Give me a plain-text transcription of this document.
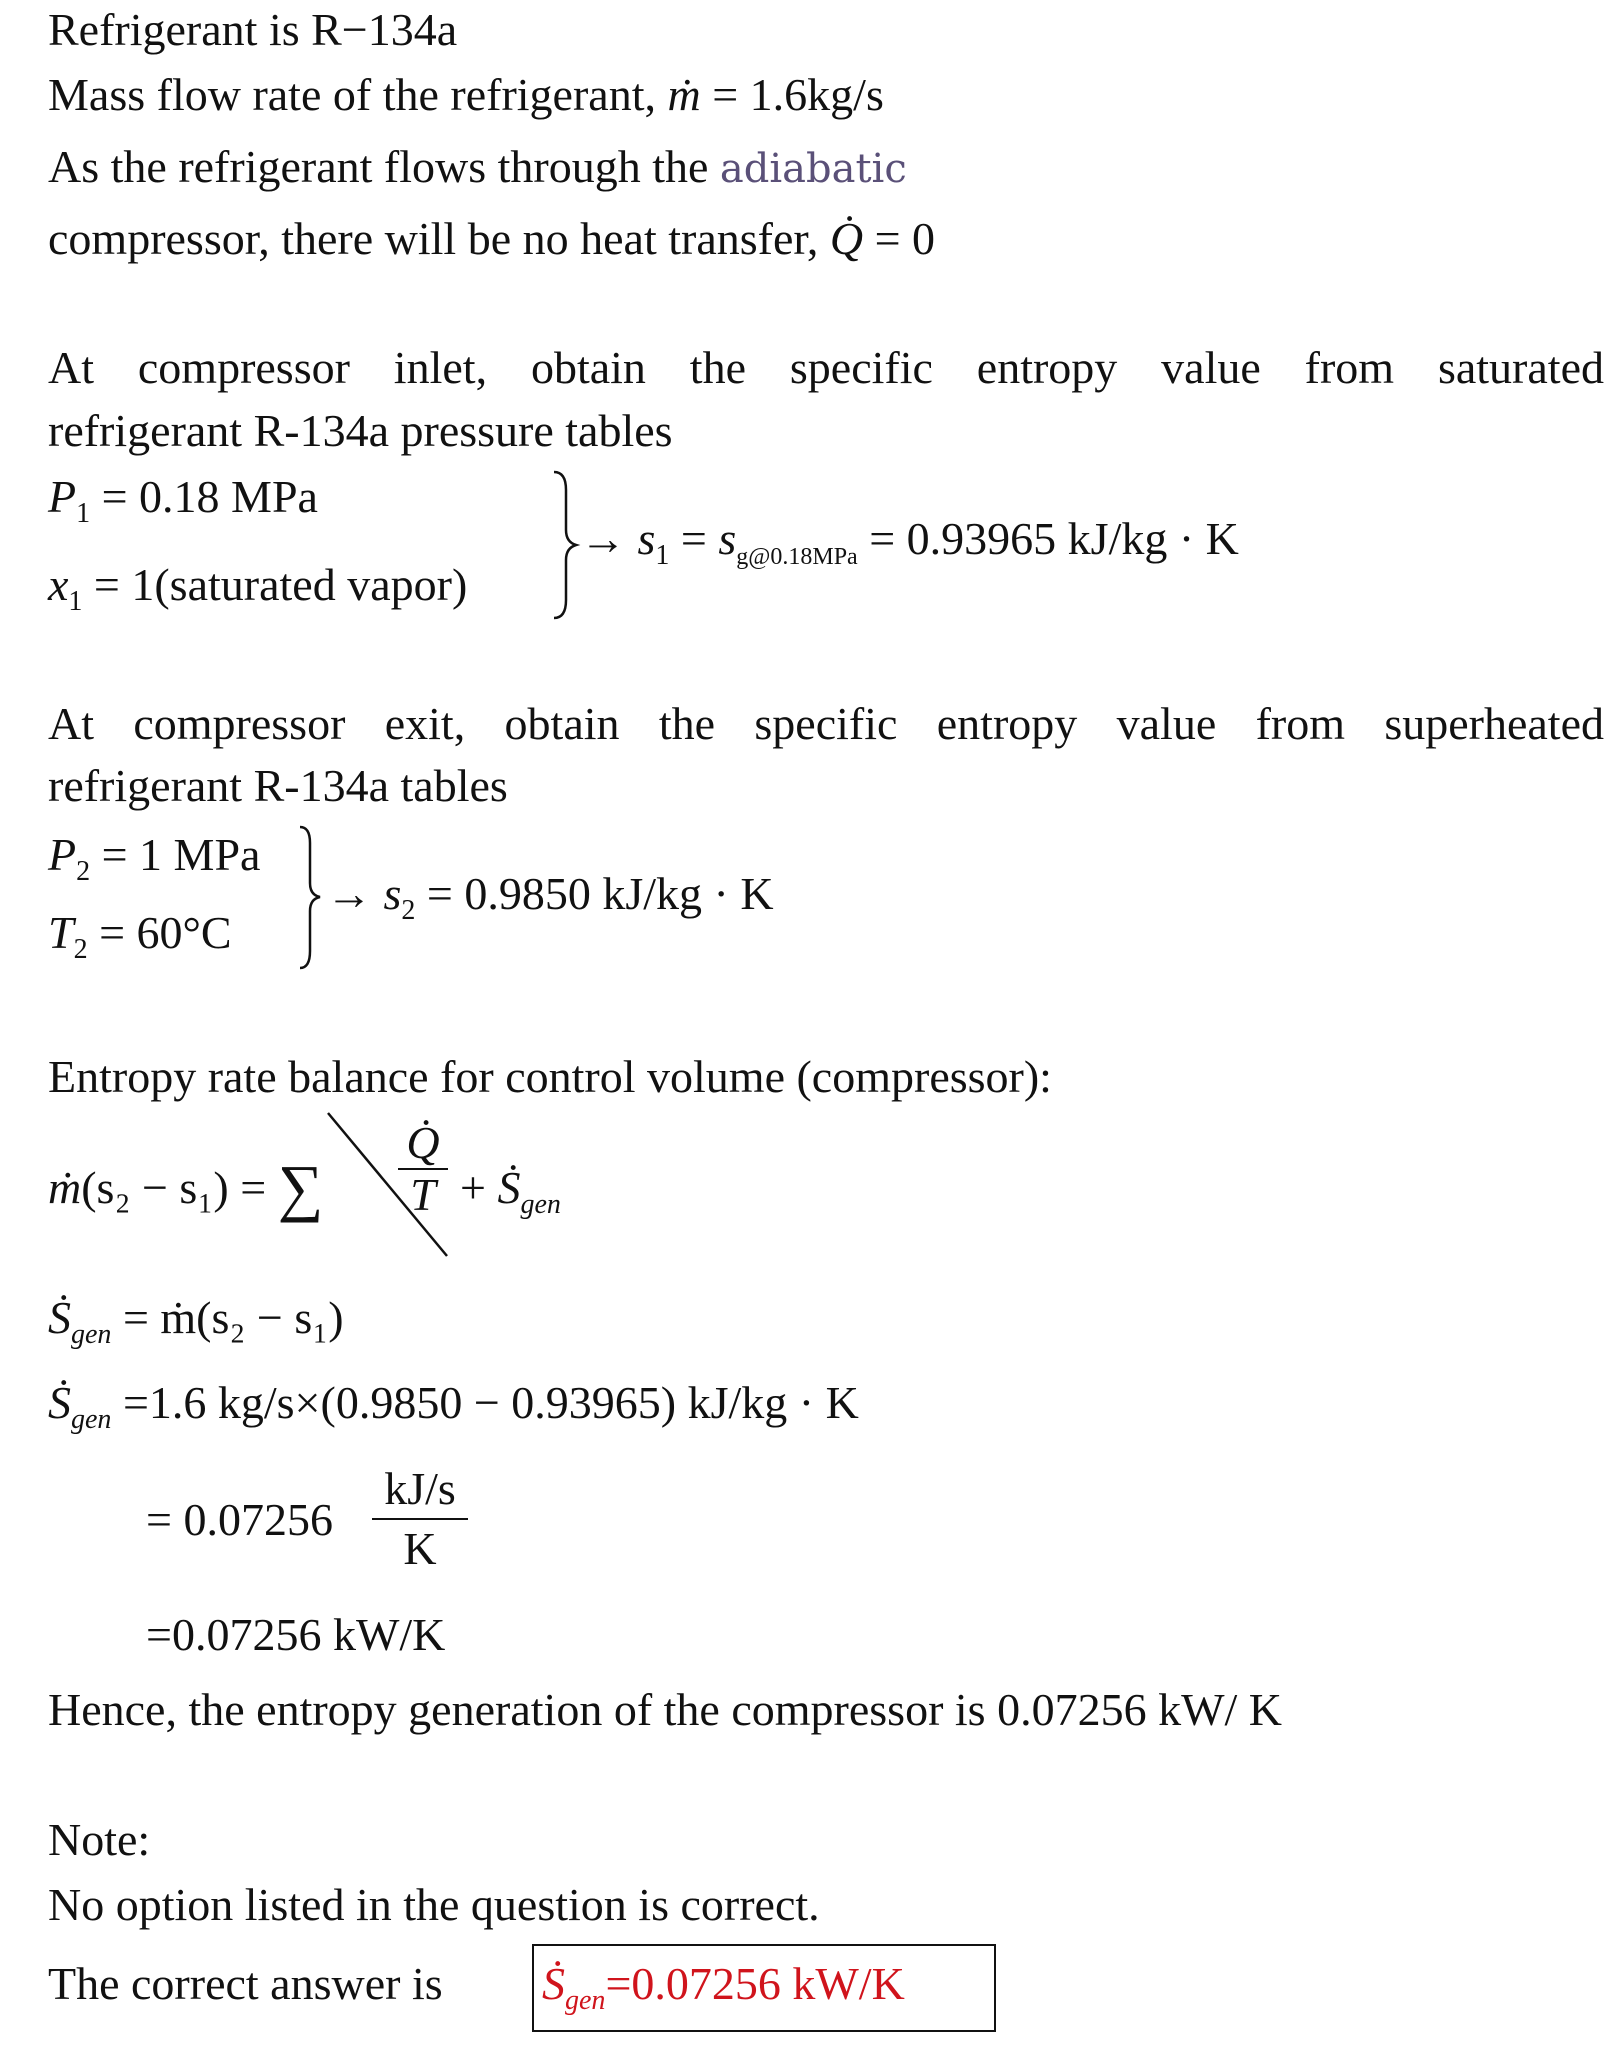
Refrigerant is R−134a
Mass flow rate of the refrigerant, ṁ = 1.6kg/s
As the refrigerant flows through the adiabatic
compressor, there will be no heat transfer, Q̇ = 0
At compressor inlet, obtain the specific entropy value from saturated
refrigerant R-134a pressure tables
$P_1 = 0.18$ MPa
$x_1$ = 1(saturated vapor)
→ $s_1 = s_{g@0.18MPa} = 0.93965$ kJ/kg · K
At compressor exit, obtain the specific entropy value from superheated
refrigerant R-134a tables
$P_2 = 1$ MPa
$T_2 = 60^\circ C$
→ $s_2 = 0.9850$ kJ/kg · K
Entropy rate balance for control volume (compressor):
ṁ(s₂ − s₁) = ∑
Q̇
T + Ṡ$_{gen}$
Ṡ$_{gen}$ = ṁ(s₂ − s₁)
Ṡ$_{gen}$ =1.6 kg/s×(0.9850 − 0.93965) kJ/kg · K
= 0.07256
kJ/s
K
=0.07256 kW/K
Hence, the entropy generation of the compressor is 0.07256 kW/ K
Note:
No option listed in the question is correct.
The correct answer is Ṡ$_{gen}$=0.07256 kW/K
